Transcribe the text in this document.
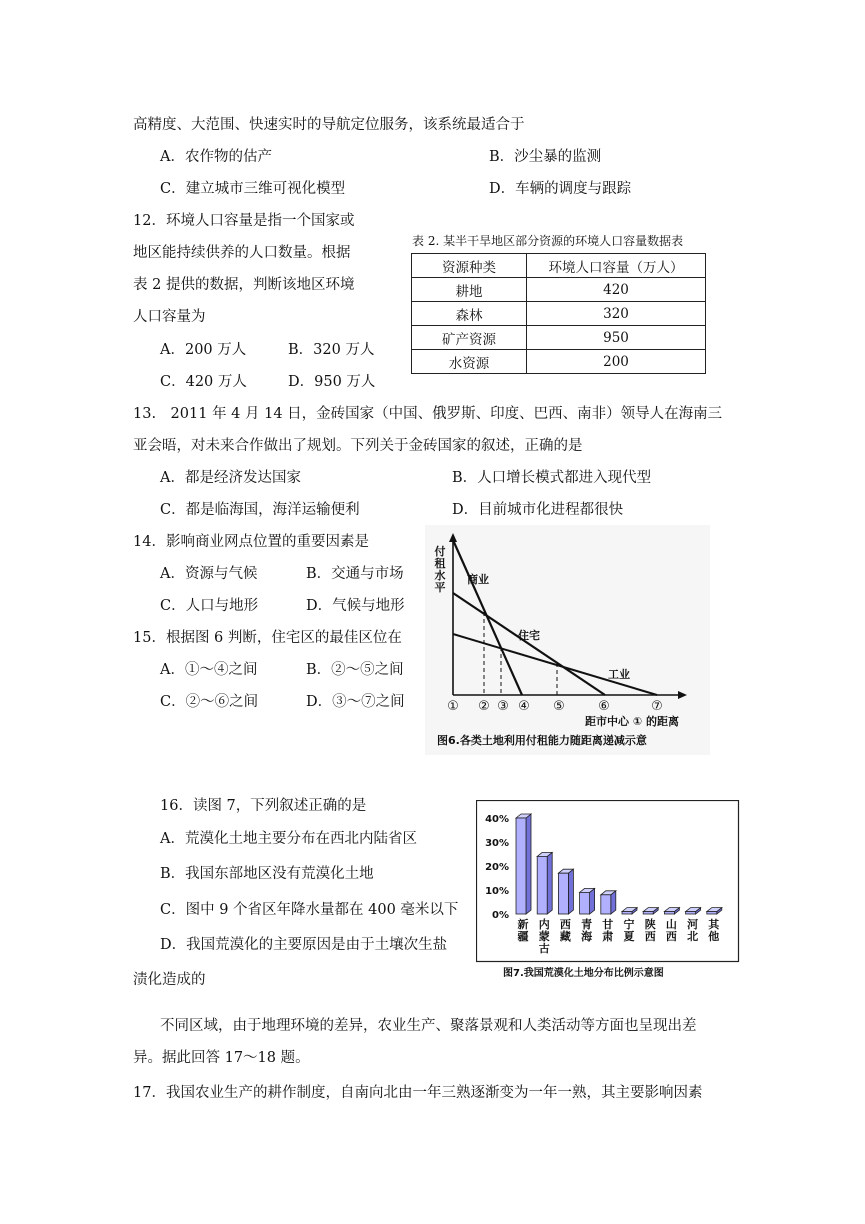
高精度、大范围、快速实时的导航定位服务，该系统最适合于
A．农作物的估产	B．沙尘暴的监测
C．建立城市三维可视化模型	D．车辆的调度与跟踪
12．环境人口容量是指一个国家或
地区能持续供养的人口数量。根据
表 2 提供的数据，判断该地区环境
人口容量为
A．200 万人	B．320 万人
C．420 万人	D．950 万人
表 2. 某半干旱地区部分资源的环境人口容量数据表
资源种类	环境人口容量（万人）
耕地	420
森林	320
矿产资源	950
水资源	200
13.　2011 年 4 月 14 日，金砖国家（中国、俄罗斯、印度、巴西、南非）领导人在海南三
亚会晤，对未来合作做出了规划。下列关于金砖国家的叙述，正确的是
A．都是经济发达国家	B．人口增长模式都进入现代型
C．都是临海国，海洋运输便利	D．目前城市化进程都很快
14．影响商业网点位置的重要因素是
A．资源与气候	B．交通与市场
C．人口与地形	D．气候与地形
15．根据图 6 判断，住宅区的最佳区位在
A．①～④之间	B．②～⑤之间
C．②～⑥之间	D．③～⑦之间
付
租
水
平
商业
住宅
工业
① ② ③ ④ ⑤	⑥	⑦
距市中心 ① 的距离
图6.各类土地利用付租能力随距离递减示意
16．读图 7，下列叙述正确的是
A．荒漠化土地主要分布在西北内陆省区
B．我国东部地区没有荒漠化土地
C．图中 9 个省区年降水量都在 400 毫米以下
D．我国荒漠化的主要原因是由于土壤次生盐
渍化造成的
40%
30%
20%
10%
0%
新
疆
内
蒙
古
西
藏
青
海
甘
肃
宁
夏
陕
西
山
西
河
北
其
他
图7.我国荒漠化土地分布比例示意图
不同区域，由于地理环境的差异，农业生产、聚落景观和人类活动等方面也呈现出差
异。据此回答 17～18 题。
17．我国农业生产的耕作制度，自南向北由一年三熟逐渐变为一年一熟，其主要影响因素
